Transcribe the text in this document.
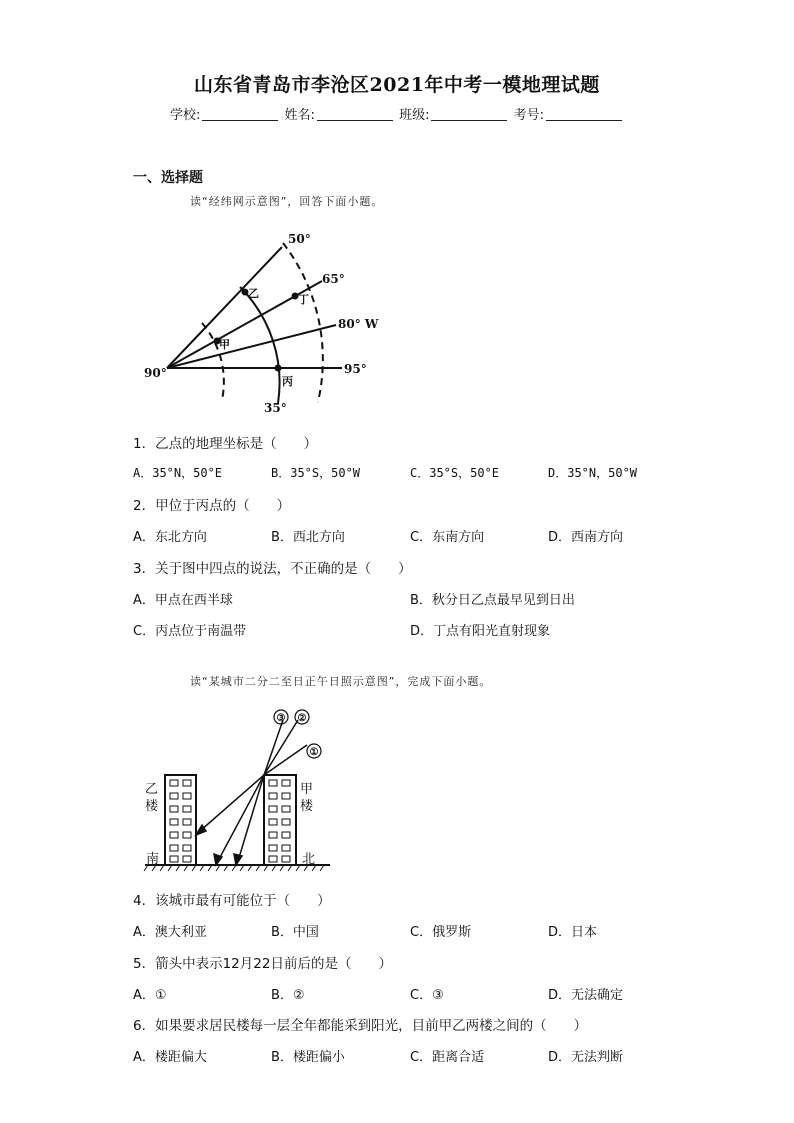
山东省青岛市李沧区2021年中考一模地理试题
学校:	姓名:	班级:	考号:
一、选择题
读“经纬网示意图”，回答下面小题。
50°
65°
80° W
95°
90°
35°
乙	丁
甲
丙
1．乙点的地理坐标是（　　）
A．35°N，50°E	B．35°S，50°W	C．35°S，50°E	D．35°N，50°W
2．甲位于丙点的（　　）
A．东北方向	B．西北方向	C．东南方向	D．西南方向
3．关于图中四点的说法，不正确的是（　　）
A．甲点在西半球	B．秋分日乙点最早见到日出
C．丙点位于南温带	D．丁点有阳光直射现象
读“某城市二分二至日正午日照示意图”，完成下面小题。
③ ②
①
乙
楼
甲
楼
南	北
4．该城市最有可能位于（　　）
A．澳大利亚	B．中国	C．俄罗斯	D．日本
5．箭头中表示12月22日前后的是（　　）
A．①	B．②	C．③	D．无法确定
6．如果要求居民楼每一层全年都能采到阳光，目前甲乙两楼之间的（　　）
A．楼距偏大	B．楼距偏小	C．距离合适	D．无法判断
